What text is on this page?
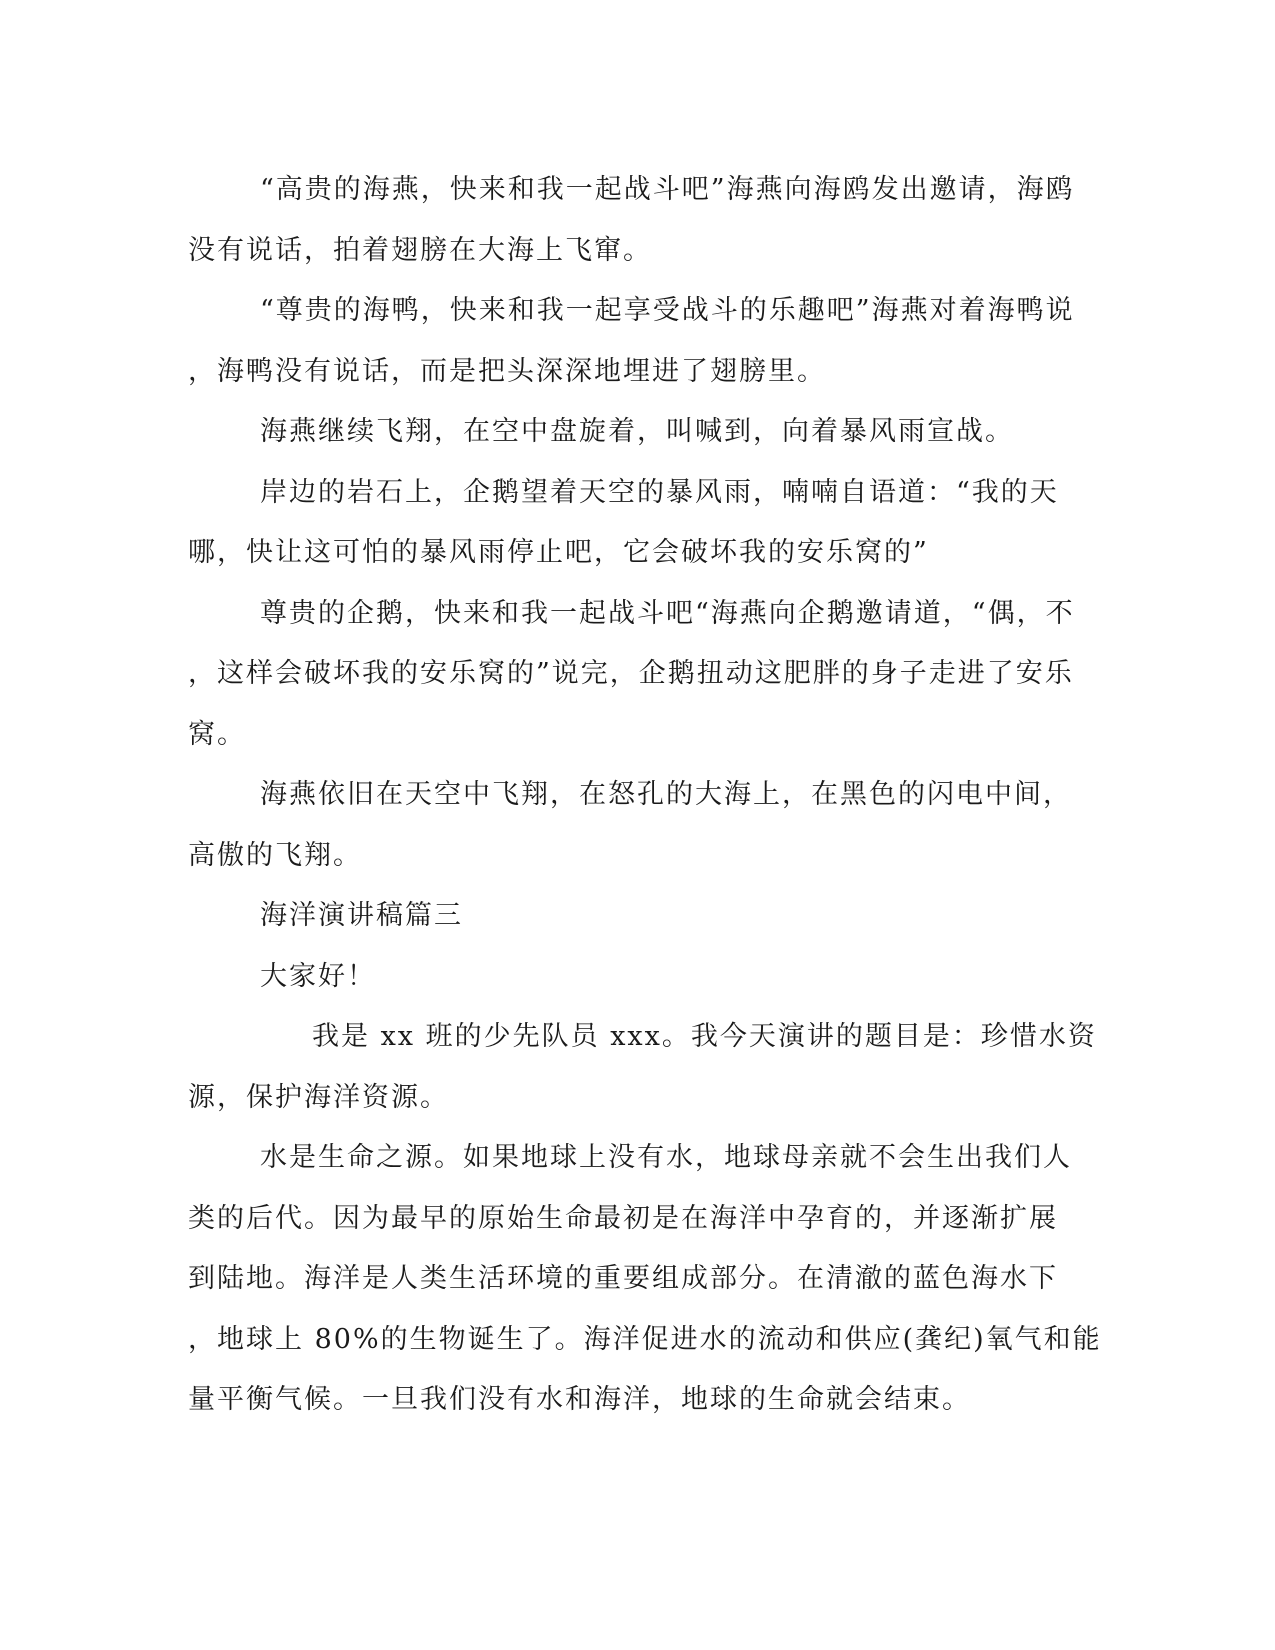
“高贵的海燕，快来和我一起战斗吧”海燕向海鸥发出邀请，海鸥
没有说话，拍着翅膀在大海上飞窜。

“尊贵的海鸭，快来和我一起享受战斗的乐趣吧”海燕对着海鸭说
，海鸭没有说话，而是把头深深地埋进了翅膀里。

海燕继续飞翔，在空中盘旋着，叫喊到，向着暴风雨宣战。

岸边的岩石上，企鹅望着天空的暴风雨，喃喃自语道：“我的天
哪，快让这可怕的暴风雨停止吧，它会破坏我的安乐窝的”

尊贵的企鹅，快来和我一起战斗吧“海燕向企鹅邀请道，“偶，不
，这样会破坏我的安乐窝的”说完，企鹅扭动这肥胖的身子走进了安乐
窝。

海燕依旧在天空中飞翔，在怒孔的大海上，在黑色的闪电中间，
高傲的飞翔。

海洋演讲稿篇三

大家好！

我是 xx 班的少先队员 xxx。我今天演讲的题目是：珍惜水资
源，保护海洋资源。

水是生命之源。如果地球上没有水，地球母亲就不会生出我们人
类的后代。因为最早的原始生命最初是在海洋中孕育的，并逐渐扩展
到陆地。海洋是人类生活环境的重要组成部分。在清澈的蓝色海水下
，地球上 80%的生物诞生了。海洋促进水的流动和供应(龚纪)氧气和能
量平衡气候。一旦我们没有水和海洋，地球的生命就会结束。
